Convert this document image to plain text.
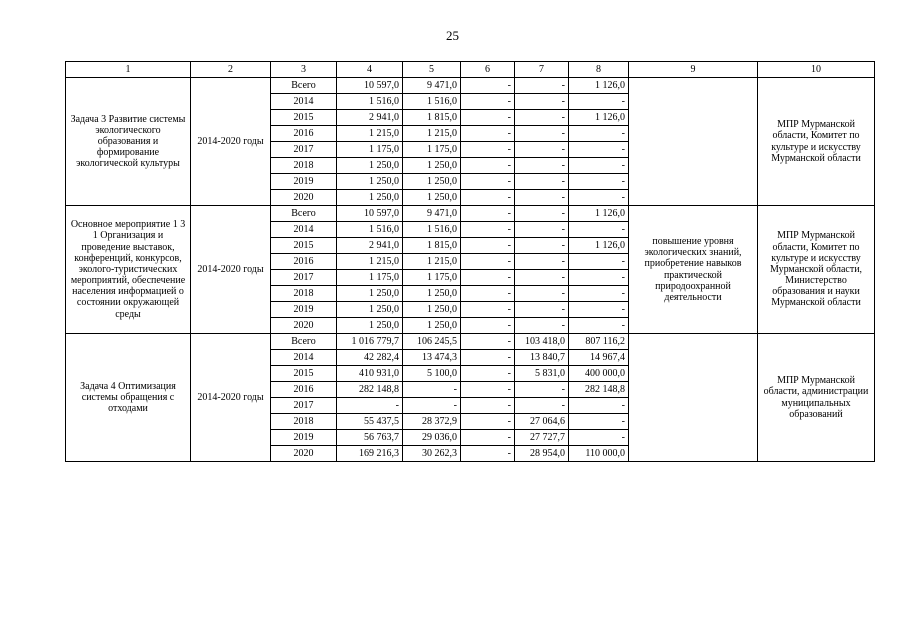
25
1	2	3	4	5	6	7	8	9	10
Задача 3 Развитие системы экологического образования и формирование экологической культуры	2014-2020 годы	Всего	10 597,0	9 471,0	-	-	1 126,0		МПР Мурманской области, Комитет по культуре и искусству Мурманской области
		2014	1 516,0	1 516,0	-	-	-		
		2015	2 941,0	1 815,0	-	-	1 126,0		
		2016	1 215,0	1 215,0	-	-	-		
		2017	1 175,0	1 175,0	-	-	-		
		2018	1 250,0	1 250,0	-	-	-		
		2019	1 250,0	1 250,0	-	-	-		
		2020	1 250,0	1 250,0	-	-	-		
Основное мероприятие 1 3 1 Организация и проведение выставок, конференций, конкурсов, эколого-туристических мероприятий, обеспечение населения информацией о состоянии окружающей среды	2014-2020 годы	Всего	10 597,0	9 471,0	-	-	1 126,0	повышение уровня экологических знаний, приобретение навыков практической природоохранной деятельности	МПР Мурманской области, Комитет по культуре и искусству Мурманской области, Министерство образования и науки Мурманской области
		2014	1 516,0	1 516,0	-	-	-		
		2015	2 941,0	1 815,0	-	-	1 126,0		
		2016	1 215,0	1 215,0	-	-	-		
		2017	1 175,0	1 175,0	-	-	-		
		2018	1 250,0	1 250,0	-	-	-		
		2019	1 250,0	1 250,0	-	-	-		
		2020	1 250,0	1 250,0	-	-	-		
Задача 4 Оптимизация системы обращения с отходами	2014-2020 годы	Всего	1 016 779,7	106 245,5	-	103 418,0	807 116,2		МПР Мурманской области, администрации муниципальных образований
		2014	42 282,4	13 474,3	-	13 840,7	14 967,4		
		2015	410 931,0	5 100,0	-	5 831,0	400 000,0		
		2016	282 148,8	-	-	-	282 148,8		
		2017	-	-	-	-	-		
		2018	55 437,5	28 372,9	-	27 064,6	-		
		2019	56 763,7	29 036,0	-	27 727,7	-		
		2020	169 216,3	30 262,3	-	28 954,0	110 000,0		
